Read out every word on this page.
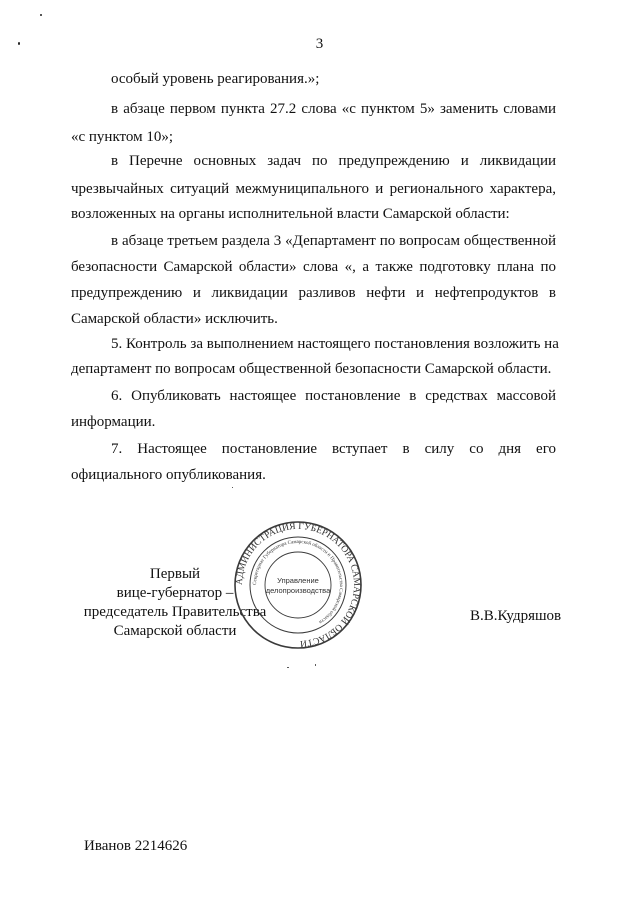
3
особый уровень реагирования.»;
в абзаце первом пункта 27.2 слова «с пунктом 5» заменить словами
«с пунктом 10»;
в Перечне основных задач по предупреждению и ликвидации
чрезвычайных ситуаций межмуниципального и регионального характера,
возложенных на органы исполнительной власти Самарской области:
в абзаце третьем раздела 3 «Департамент по вопросам общественной
безопасности Самарской области» слова «, а также подготовку плана по
предупреждению и ликвидации разливов нефти и нефтепродуктов в
Самарской области» исключить.
5. Контроль за выполнением настоящего постановления возложить на
департамент по вопросам общественной безопасности Самарской области.
6. Опубликовать настоящее постановление в средствах массовой
информации.
7. Настоящее постановление вступает в силу со дня его
официального опубликования.
Первый
вице-губернатор –
председатель Правительства
Самарской области
АДМИНИСТРАЦИЯ ГУБЕРНАТОРА САМАРСКОЙ ОБЛАСТИ
Секретариат Губернатора Самарской области и Правительства Самарской области
Управление
делопроизводства
В.В.Кудряшов
Иванов 2214626
